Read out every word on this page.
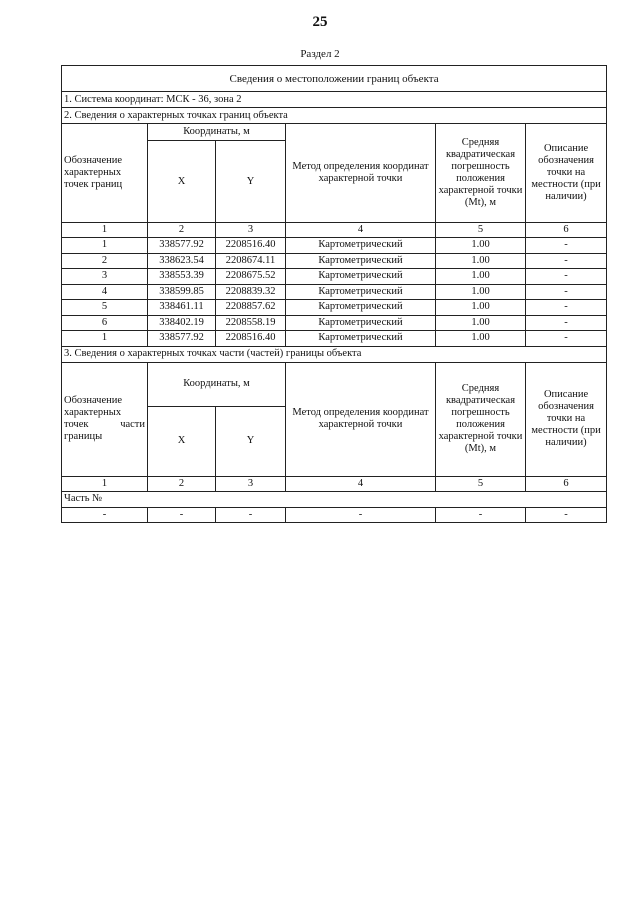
25
Раздел 2
Сведения о местоположении границ объекта					
1. Система координат: МСК - 36, зона 2					
2. Сведения о характерных точках границ объекта					
Обозначение характерных точек границ	Координаты, м		Метод определения координат характерной точки	Средняя квадратическая погрешность положения характерной точки (Mt), м	Описание обозначения точки на местности (при наличии)
	X	Y			
1	2	3	4	5	6
1	338577.92	2208516.40	Картометрический	1.00	-
2	338623.54	2208674.11	Картометрический	1.00	-
3	338553.39	2208675.52	Картометрический	1.00	-
4	338599.85	2208839.32	Картометрический	1.00	-
5	338461.11	2208857.62	Картометрический	1.00	-
6	338402.19	2208558.19	Картометрический	1.00	-
1	338577.92	2208516.40	Картометрический	1.00	-
3. Сведения о характерных точках части (частей) границы объекта					

Обозначение характерных
точек части
границы	Координаты, м		Метод определения координат характерной точки	Средняя квадратическая погрешность положения характерной точки (Mt), м	Описание обозначения точки на местности (при наличии)
	X	Y			
1	2	3	4	5	6
Часть №					
-	-	-	-	-	-
